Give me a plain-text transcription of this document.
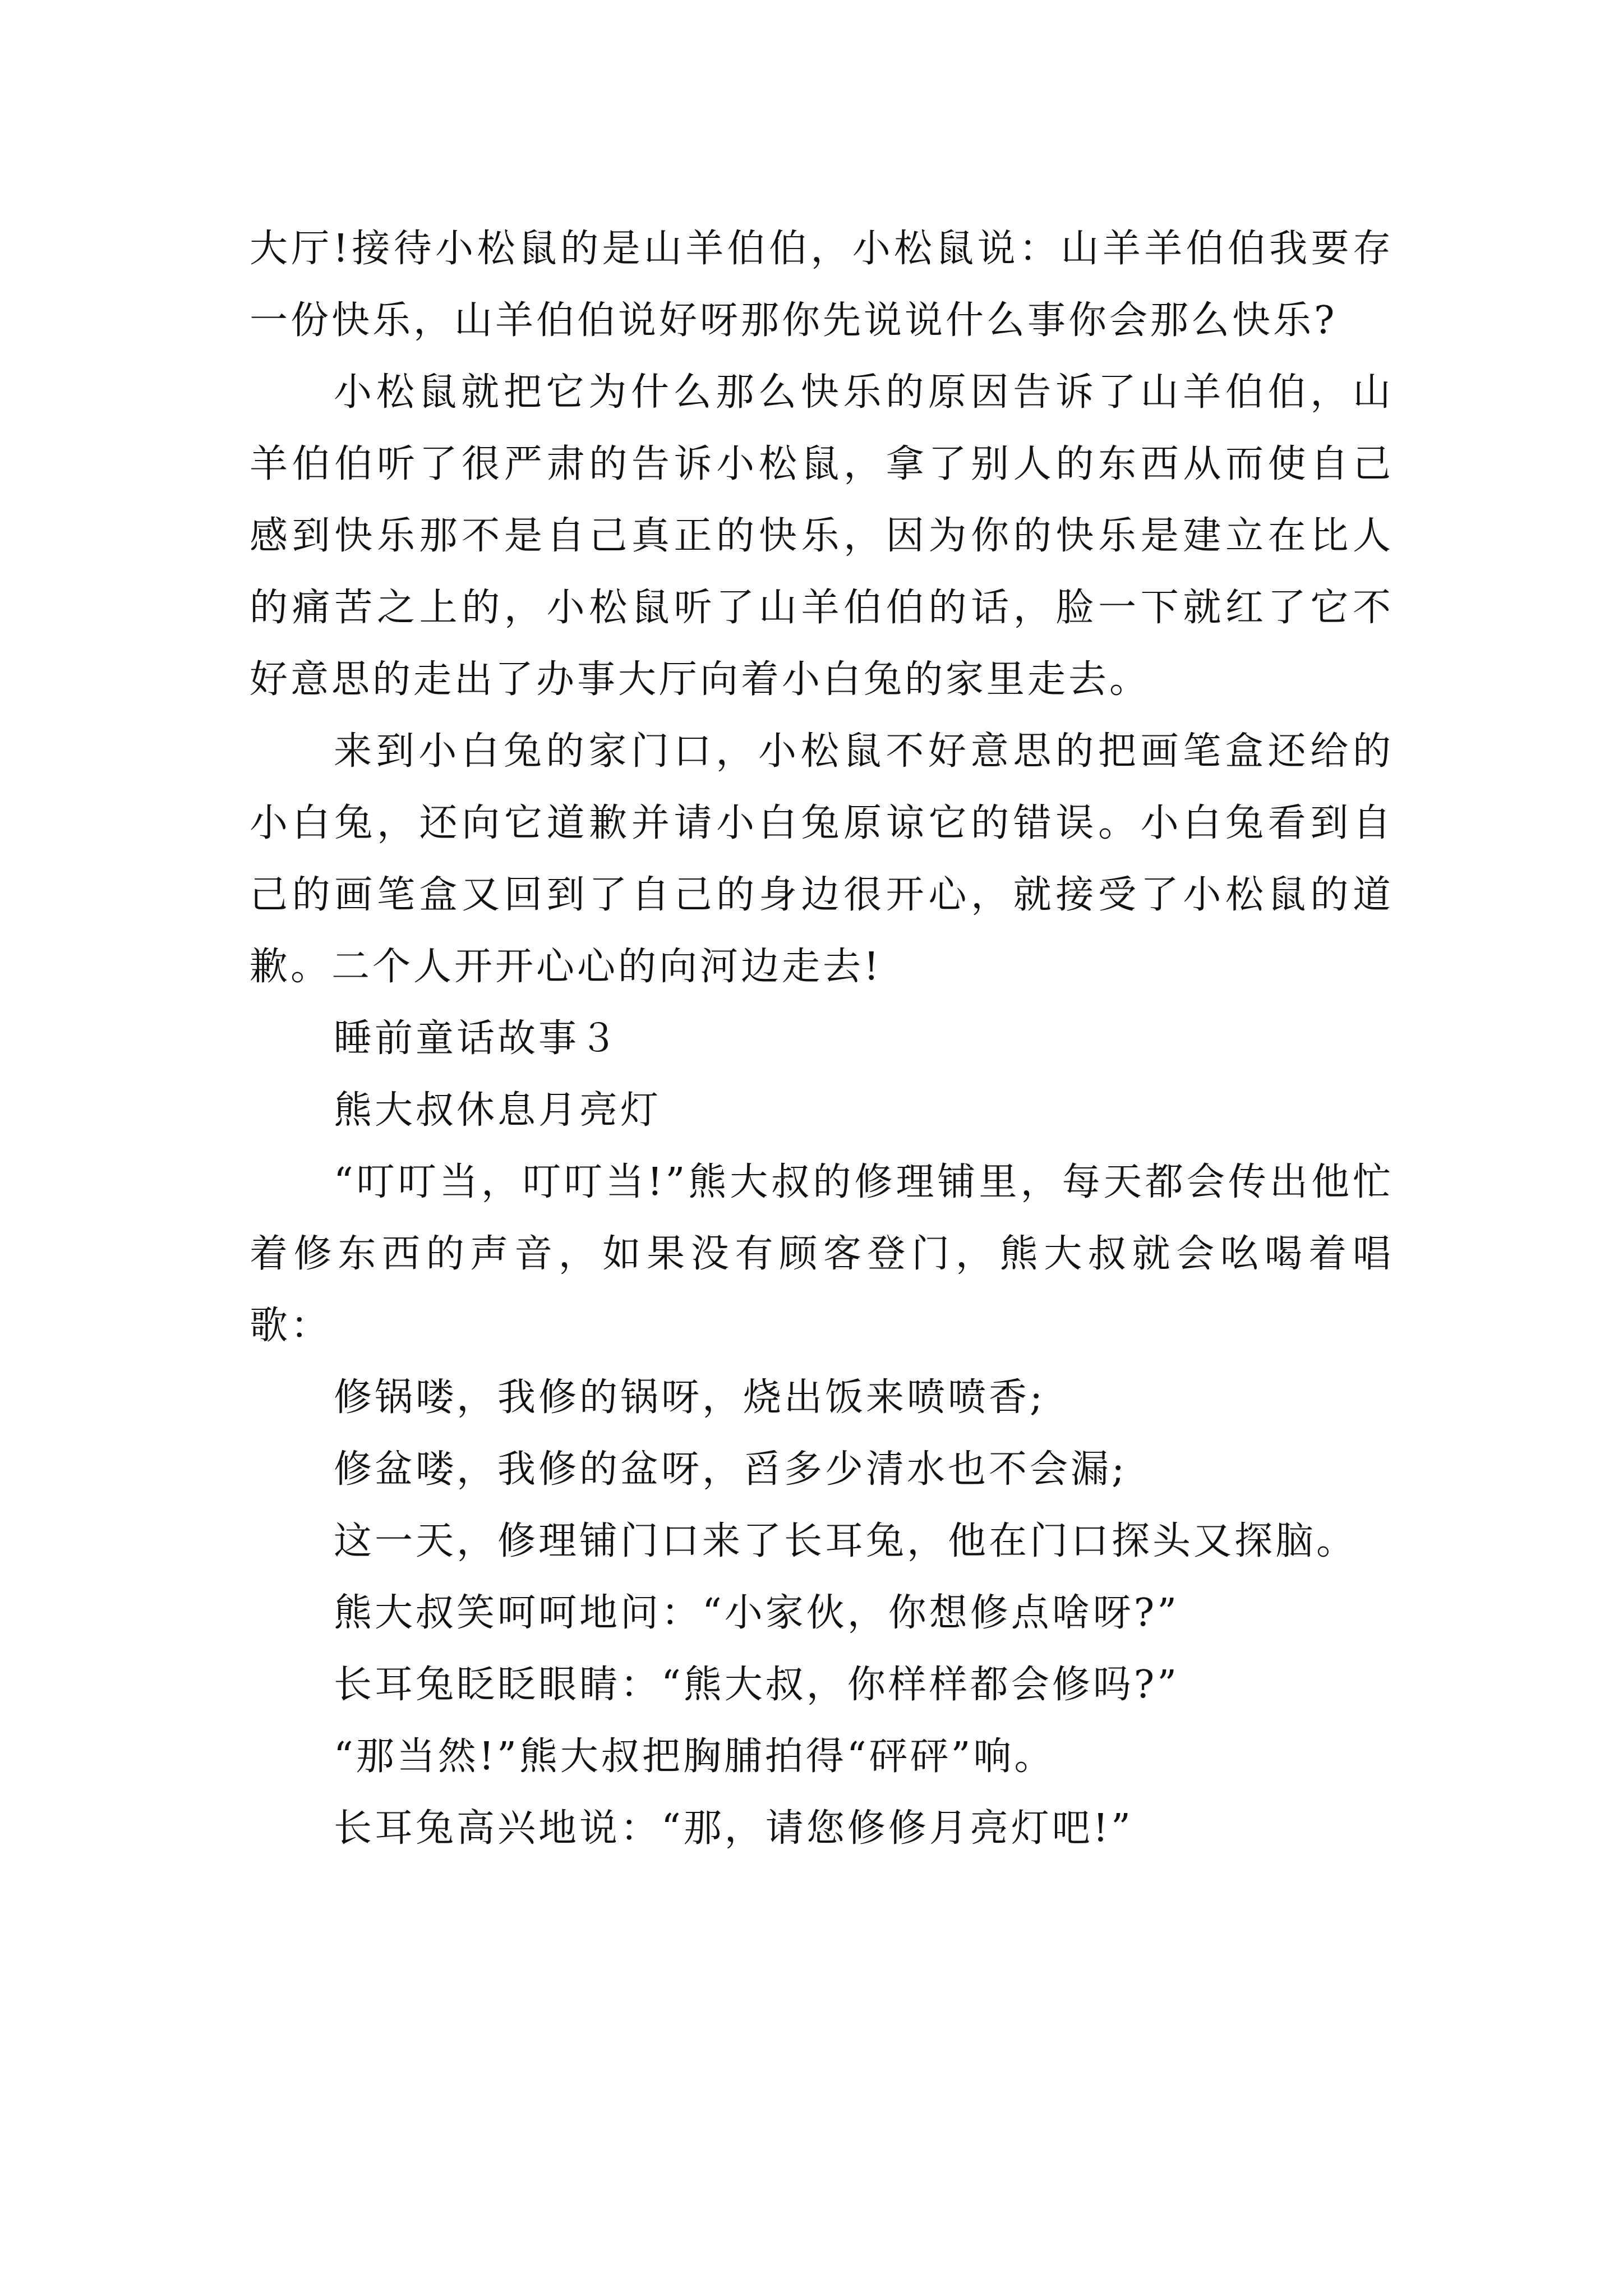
大厅!接待小松鼠的是山羊伯伯，小松鼠说：山羊羊伯伯我要存一份快乐，山羊伯伯说好呀那你先说说什么事你会那么快乐?

小松鼠就把它为什么那么快乐的原因告诉了山羊伯伯，山羊伯伯听了很严肃的告诉小松鼠，拿了别人的东西从而使自己感到快乐那不是自己真正的快乐，因为你的快乐是建立在比人的痛苦之上的，小松鼠听了山羊伯伯的话，脸一下就红了它不好意思的走出了办事大厅向着小白兔的家里走去。

来到小白兔的家门口，小松鼠不好意思的把画笔盒还给的小白兔，还向它道歉并请小白兔原谅它的错误。小白兔看到自己的画笔盒又回到了自己的身边很开心，就接受了小松鼠的道歉。二个人开开心心的向河边走去!

睡前童话故事３

熊大叔休息月亮灯

“叮叮当，叮叮当!”熊大叔的修理铺里，每天都会传出他忙着修东西的声音，如果没有顾客登门，熊大叔就会吆喝着唱歌：

修锅喽，我修的锅呀，烧出饭来喷喷香;

修盆喽，我修的盆呀，舀多少清水也不会漏;

这一天，修理铺门口来了长耳兔，他在门口探头又探脑。

熊大叔笑呵呵地问：“小家伙，你想修点啥呀?”

长耳兔眨眨眼睛：“熊大叔，你样样都会修吗?”

“那当然!”熊大叔把胸脯拍得“砰砰”响。

长耳兔高兴地说：“那，请您修修月亮灯吧!”
